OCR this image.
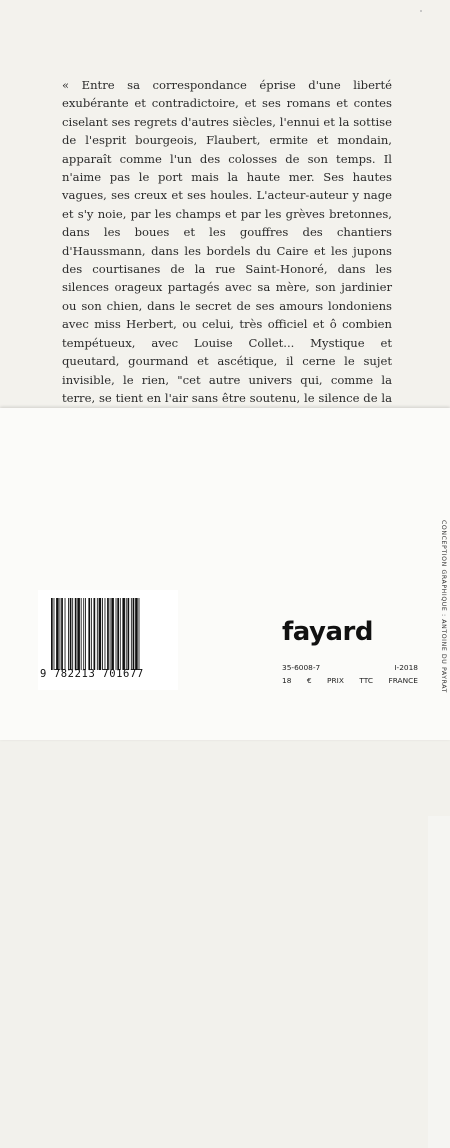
« Entre sa correspondance éprise d'une liberté exubérante et contradictoire, et ses romans et contes ciselant ses regrets d'autres siècles, l'ennui et la sottise de l'esprit bourgeois, Flaubert, ermite et mondain, apparaît comme l'un des colosses de son temps. Il n'aime pas le port mais la haute mer. Ses hautes vagues, ses creux et ses houles. L'acteur-auteur y nage et s'y noie, par les champs et par les grèves bretonnes, dans les boues et les gouffres des chantiers d'Haussmann, dans les bordels du Caire et les jupons des courtisanes de la rue Saint-Honoré, dans les silences orageux partagés avec sa mère, son jardinier ou son chien, dans le secret de ses amours londoniens avec miss Herbert, ou celui, très officiel et ô combien tempétueux, avec Louise Collet... Mystique et queutard, gourmand et ascétique, il cerne le sujet invisible, le rien, "cet autre univers qui, comme la terre, se tient en l'air sans être soutenu, le silence de la

CONCEPTION GRAPHIQUE : ANTOINE DU PAYRAT
9 782213 701677
fayard
35-6008-7	I-2018
18 € PRIX TTC FRANCE
